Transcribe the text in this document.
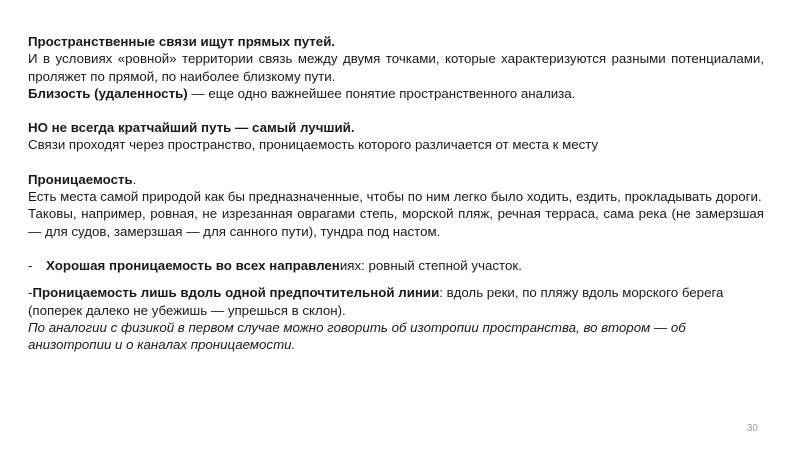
Пространственные связи ищут прямых путей.

И в условиях «ровной» территории связь между двумя точками, которые характеризуются разными потенциалами, проляжет по прямой, по наиболее близкому пути.

Близость (удаленность) — еще одно важнейшее понятие пространственного анализа.

НО не всегда кратчайший путь — самый лучший.

Связи проходят через пространство, проницаемость которого различается от места к месту

Проницаемость.

Есть места самой природой как бы предназначенные, чтобы по ним легко было ходить, ездить, прокладывать дороги.

Таковы, например, ровная, не изрезанная оврагами степь, морской пляж, речная терраса, сама река (не замерзшая — для судов, замерзшая — для санного пути), тундра под настом.

-	Хорошая проницаемость во всех направлениях: ровный степной участок.

-Проницаемость лишь вдоль одной предпочтительной линии: вдоль реки, по пляжу вдоль морского берега (поперек далеко не убежишь — упрешься в склон).

По аналогии с физикой в первом случае можно говорить об изотропии пространства, во втором — об анизотропии и о каналах проницаемости.

30
